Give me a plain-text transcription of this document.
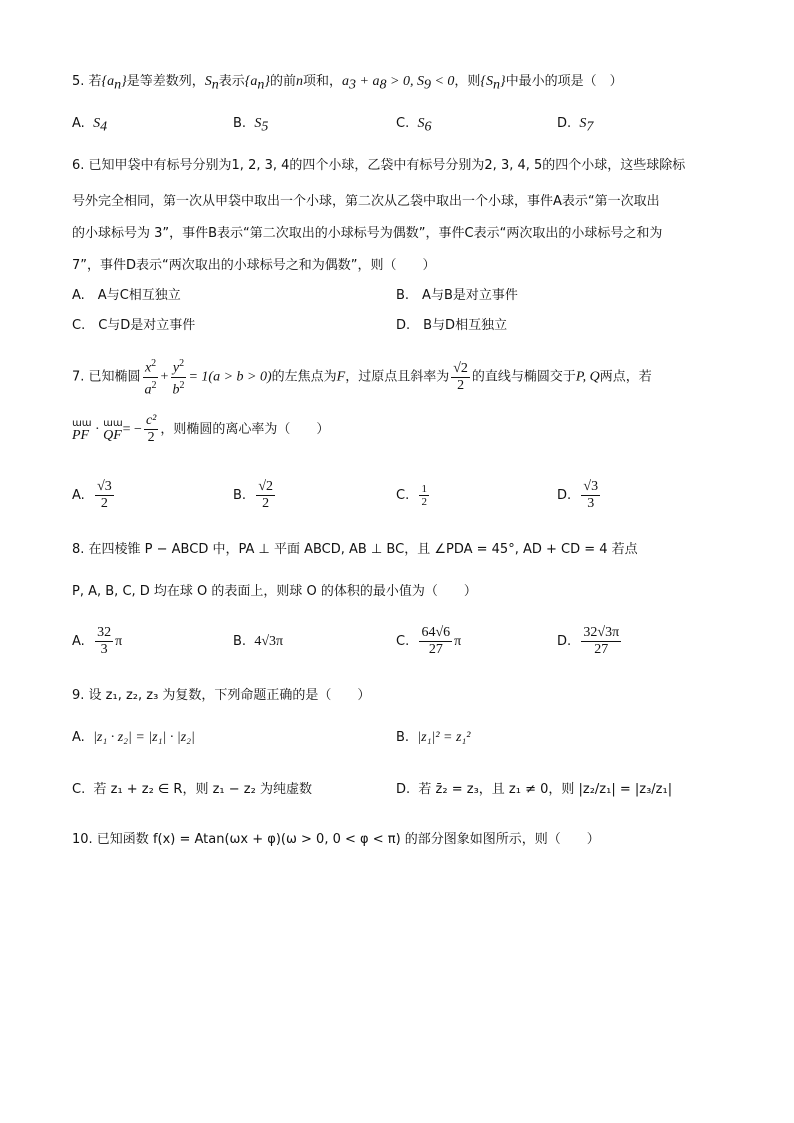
5. 若$\{a_n\}$是等差数列，$S_n$表示$\{a_n\}$的前n项和，$a_3 + a_8 > 0$, $S_9 < 0$，则$\{S_n\}$中最小的项是（　）
A. $S_4$	B. $S_5$	C. $S_6$	D. $S_7$
6. 已知甲袋中有标号分别为1, 2, 3, 4的四个小球，乙袋中有标号分别为2, 3, 4, 5的四个小球，这些球除标
号外完全相同，第一次从甲袋中取出一个小球，第二次从乙袋中取出一个小球，事件A表示“第一次取出
的小球标号为 3”，事件B表示“第二次取出的小球标号为偶数”，事件C表示“两次取出的小球标号之和为
7”，事件D表示“两次取出的小球标号之和为偶数”，则（　　）
A.　A与C相互独立	B.　A与B是对立事件
C.　C与D是对立事件	D.　B与D相互独立
7. 已知椭圆 $\frac{x^2}{a^2} + \frac{y^2}{b^2} = 1(a > b > 0)$的左焦点为F，过原点且斜率为 $\frac{√2}{2}$ 的直线与椭圆交于P, Q两点，若
ɯɯ
PF · ɯɯ
QF = − $\frac{\text{c²}}{2}$ ，则椭圆的离心率为（　　）
A. $\frac{√3}{2}$	B. $\frac{√2}{2}$	C. $\frac{1}{2}$	D. $\frac{√3}{3}$
8. 在四棱锥 P − ABCD 中，PA ⊥ 平面 ABCD, AB ⊥ BC，且 ∠PDA = 45°, AD + CD = 4 若点
P, A, B, C, D 均在球 O 的表面上，则球 O 的体积的最小值为（　　）
A. $\frac{32}{3}$ π	B. 4√3π	C. $\frac{64√6}{27}$ π	D. $\frac{32√3\pi}{27}$
9. 设 z₁, z₂, z₃ 为复数，下列命题正确的是（　　）
A. |z₁ · z₂| = |z₁| · |z₂|	B. |z₁|² = z₁²
C. 若 z₁ + z₂ ∈ R，则 z₁ − z₂ 为纯虚数	D. 若 z̄₂ = z₃，且 z₁ ≠ 0，则 |z₂/z₁| = |z₃/z₁|
10. 已知函数 f(x) = Atan(ωx + φ)(ω > 0, 0 < φ < π) 的部分图象如图所示，则（　　）
